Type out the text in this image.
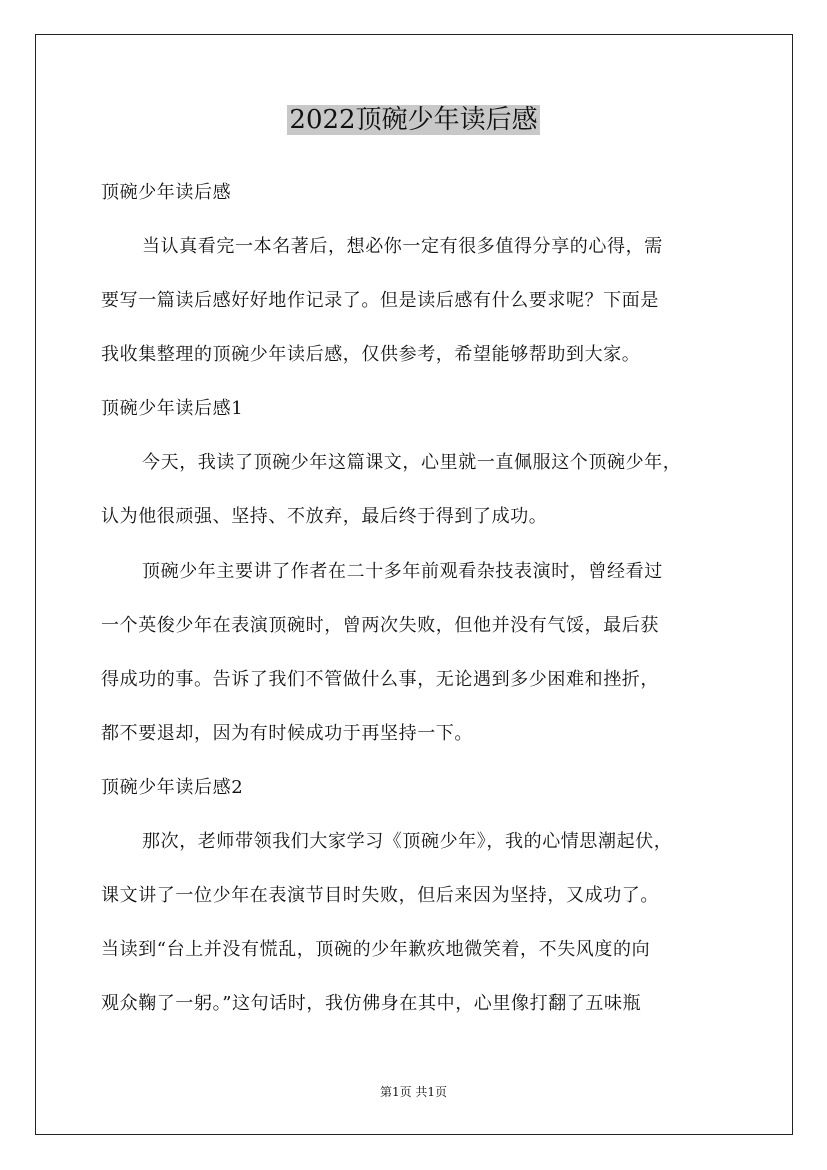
2022顶碗少年读后感
顶碗少年读后感
当认真看完一本名著后，想必你一定有很多值得分享的心得，需
要写一篇读后感好好地作记录了。但是读后感有什么要求呢？下面是
我收集整理的顶碗少年读后感，仅供参考，希望能够帮助到大家。
顶碗少年读后感1
今天，我读了顶碗少年这篇课文，心里就一直佩服这个顶碗少年，
认为他很顽强、坚持、不放弃，最后终于得到了成功。
顶碗少年主要讲了作者在二十多年前观看杂技表演时，曾经看过
一个英俊少年在表演顶碗时，曾两次失败，但他并没有气馁，最后获
得成功的事。告诉了我们不管做什么事，无论遇到多少困难和挫折，
都不要退却，因为有时候成功于再坚持一下。
顶碗少年读后感2
那次，老师带领我们大家学习《顶碗少年》，我的心情思潮起伏，
课文讲了一位少年在表演节目时失败，但后来因为坚持，又成功了。
当读到“台上并没有慌乱，顶碗的少年歉疚地微笑着，不失风度的向
观众鞠了一躬。”这句话时，我仿佛身在其中，心里像打翻了五味瓶
第1页 共1页
